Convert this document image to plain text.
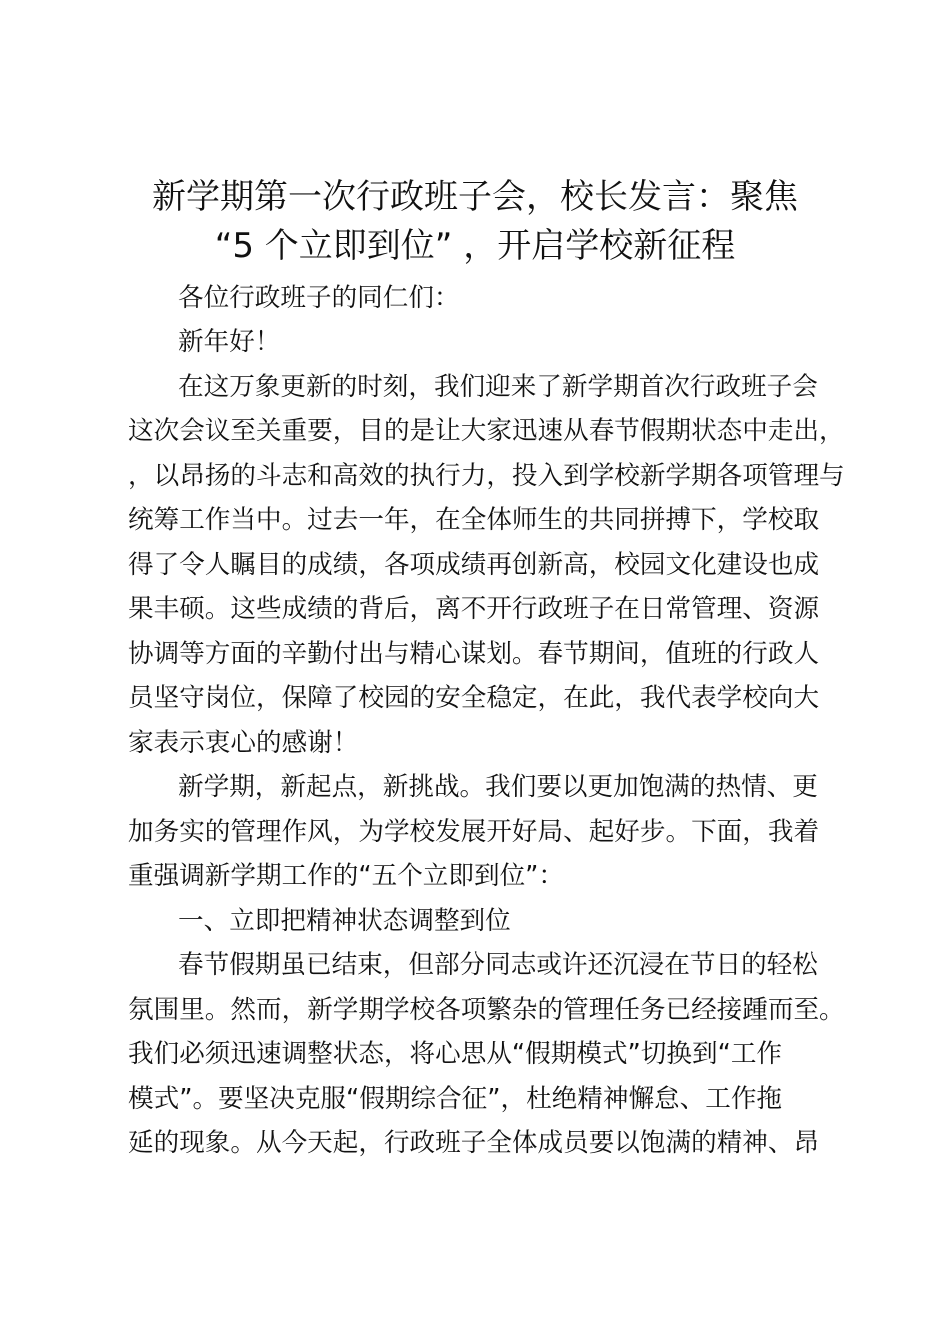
新学期第一次行政班子会，校长发言：聚焦
“5 个立即到位” ，开启学校新征程
各位行政班子的同仁们：
新年好！
在这万象更新的时刻，我们迎来了新学期首次行政班子会
这次会议至关重要，目的是让大家迅速从春节假期状态中走出，
，以昂扬的斗志和高效的执行力，投入到学校新学期各项管理与
统筹工作当中。过去一年，在全体师生的共同拼搏下，学校取
得了令人瞩目的成绩，各项成绩再创新高，校园文化建设也成
果丰硕。这些成绩的背后，离不开行政班子在日常管理、资源
协调等方面的辛勤付出与精心谋划。春节期间，值班的行政人
员坚守岗位，保障了校园的安全稳定，在此，我代表学校向大
家表示衷心的感谢！
新学期，新起点，新挑战。我们要以更加饱满的热情、更
加务实的管理作风，为学校发展开好局、起好步。下面，我着
重强调新学期工作的“五个立即到位”：
一、立即把精神状态调整到位
春节假期虽已结束，但部分同志或许还沉浸在节日的轻松
氛围里。然而，新学期学校各项繁杂的管理任务已经接踵而至。
我们必须迅速调整状态，将心思从“假期模式”切换到“工作
模式”。要坚决克服“假期综合征”，杜绝精神懈怠、工作拖
延的现象。从今天起，行政班子全体成员要以饱满的精神、昂
